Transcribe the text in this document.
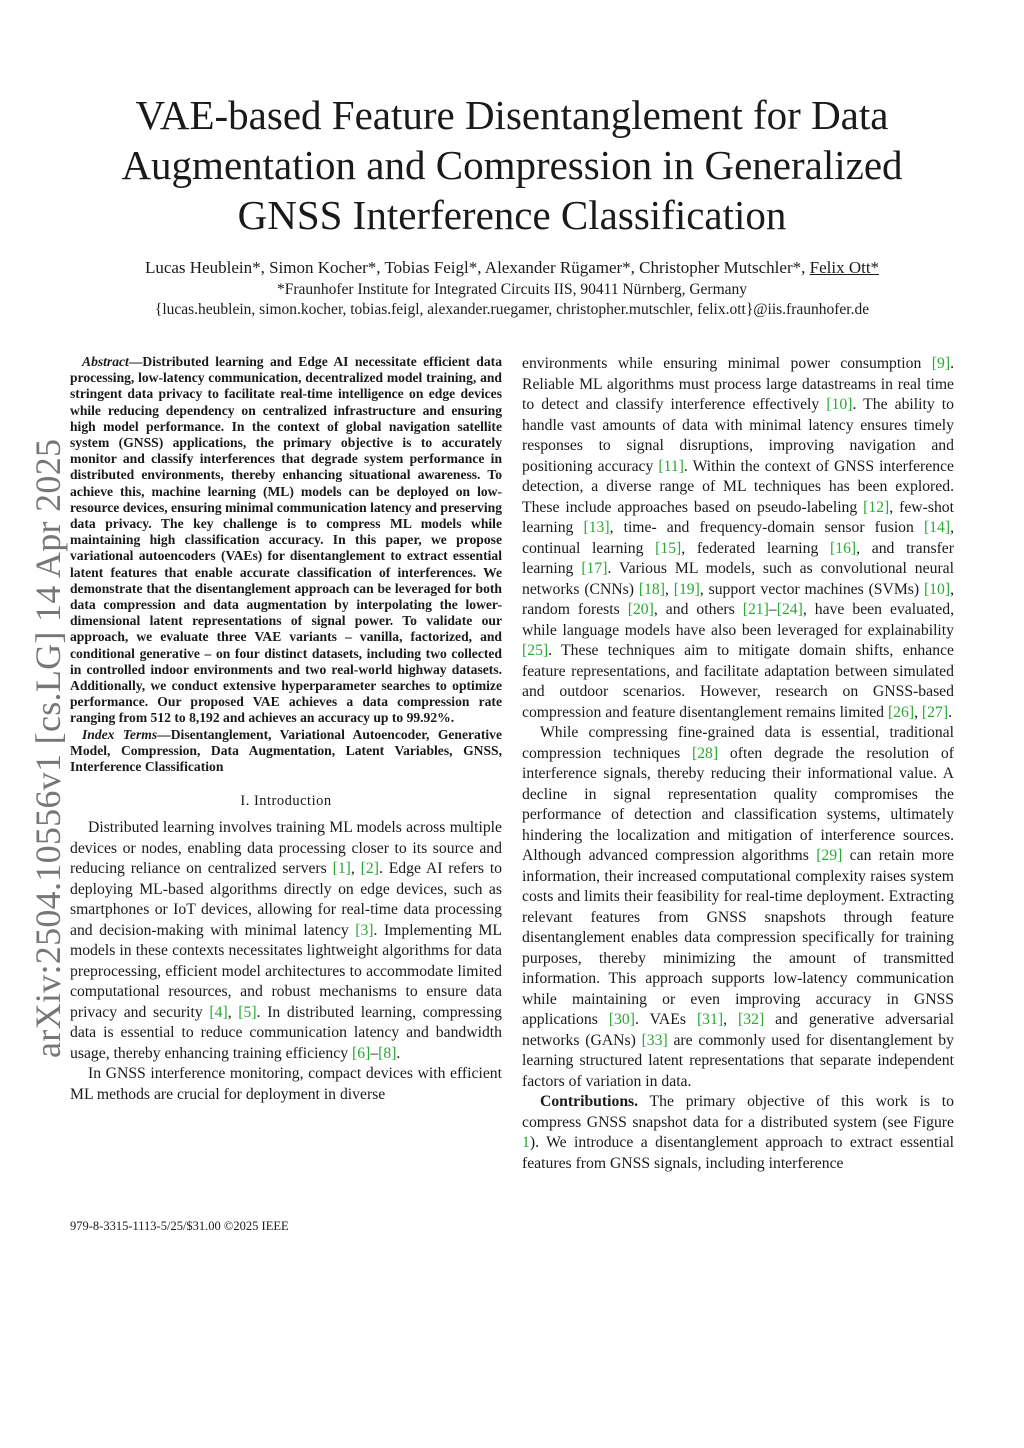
arXiv:2504.10556v1 [cs.LG] 14 Apr 2025
VAE-based Feature Disentanglement for Data
Augmentation and Compression in Generalized
GNSS Interference Classification
Lucas Heublein*, Simon Kocher*, Tobias Feigl*, Alexander Rügamer*, Christopher Mutschler*, Felix Ott*
*Fraunhofer Institute for Integrated Circuits IIS, 90411 Nürnberg, Germany
{lucas.heublein, simon.kocher, tobias.feigl, alexander.ruegamer, christopher.mutschler, felix.ott}@iis.fraunhofer.de

Abstract—Distributed learning and Edge AI necessitate efficient data processing, low-latency communication, decentralized model training, and stringent data privacy to facilitate real-time intelligence on edge devices while reducing dependency on centralized infrastructure and ensuring high model performance. In the context of global navigation satellite system (GNSS) applications, the primary objective is to accurately monitor and classify interferences that degrade system performance in distributed environments, thereby enhancing situational awareness. To achieve this, machine learning (ML) models can be deployed on low-resource devices, ensuring minimal communication latency and preserving data privacy. The key challenge is to compress ML models while maintaining high classification accuracy. In this paper, we propose variational autoencoders (VAEs) for disentanglement to extract essential latent features that enable accurate classification of interferences. We demonstrate that the disentanglement approach can be leveraged for both data compression and data augmentation by interpolating the lower-dimensional latent representations of signal power. To validate our approach, we evaluate three VAE variants – vanilla, factorized, and conditional generative – on four distinct datasets, including two collected in controlled indoor environments and two real-world highway datasets. Additionally, we conduct extensive hyperparameter searches to optimize performance. Our proposed VAE achieves a data compression rate ranging from 512 to 8,192 and achieves an accuracy up to 99.92%.

Index Terms—Disentanglement, Variational Autoencoder, Generative Model, Compression, Data Augmentation, Latent Variables, GNSS, Interference Classification

I. Introduction

Distributed learning involves training ML models across multiple devices or nodes, enabling data processing closer to its source and reducing reliance on centralized servers [1], [2]. Edge AI refers to deploying ML-based algorithms directly on edge devices, such as smartphones or IoT devices, allowing for real-time data processing and decision-making with minimal latency [3]. Implementing ML models in these contexts necessitates lightweight algorithms for data preprocessing, efficient model architectures to accommodate limited computational resources, and robust mechanisms to ensure data privacy and security [4], [5]. In distributed learning, compressing data is essential to reduce communication latency and bandwidth usage, thereby enhancing training efficiency [6]–[8].

In GNSS interference monitoring, compact devices with efficient ML methods are crucial for deployment in diverse

environments while ensuring minimal power consumption [9]. Reliable ML algorithms must process large datastreams in real time to detect and classify interference effectively [10]. The ability to handle vast amounts of data with minimal latency ensures timely responses to signal disruptions, improving navigation and positioning accuracy [11]. Within the context of GNSS interference detection, a diverse range of ML techniques has been explored. These include approaches based on pseudo-labeling [12], few-shot learning [13], time- and frequency-domain sensor fusion [14], continual learning [15], federated learning [16], and transfer learning [17]. Various ML models, such as convolutional neural networks (CNNs) [18], [19], support vector machines (SVMs) [10], random forests [20], and others [21]–[24], have been evaluated, while language models have also been leveraged for explainability [25]. These techniques aim to mitigate domain shifts, enhance feature representations, and facilitate adaptation between simulated and outdoor scenarios. However, research on GNSS-based compression and feature disentanglement remains limited [26], [27].

While compressing fine-grained data is essential, traditional compression techniques [28] often degrade the resolution of interference signals, thereby reducing their informational value. A decline in signal representation quality compromises the performance of detection and classification systems, ultimately hindering the localization and mitigation of interference sources. Although advanced compression algorithms [29] can retain more information, their increased computational complexity raises system costs and limits their feasibility for real-time deployment. Extracting relevant features from GNSS snapshots through feature disentanglement enables data compression specifically for training purposes, thereby minimizing the amount of transmitted information. This approach supports low-latency communication while maintaining or even improving accuracy in GNSS applications [30]. VAEs [31], [32] and generative adversarial networks (GANs) [33] are commonly used for disentanglement by learning structured latent representations that separate independent factors of variation in data.

Contributions. The primary objective of this work is to compress GNSS snapshot data for a distributed system (see Figure 1). We introduce a disentanglement approach to extract essential features from GNSS signals, including interference

979-8-3315-1113-5/25/$31.00 ©2025 IEEE
